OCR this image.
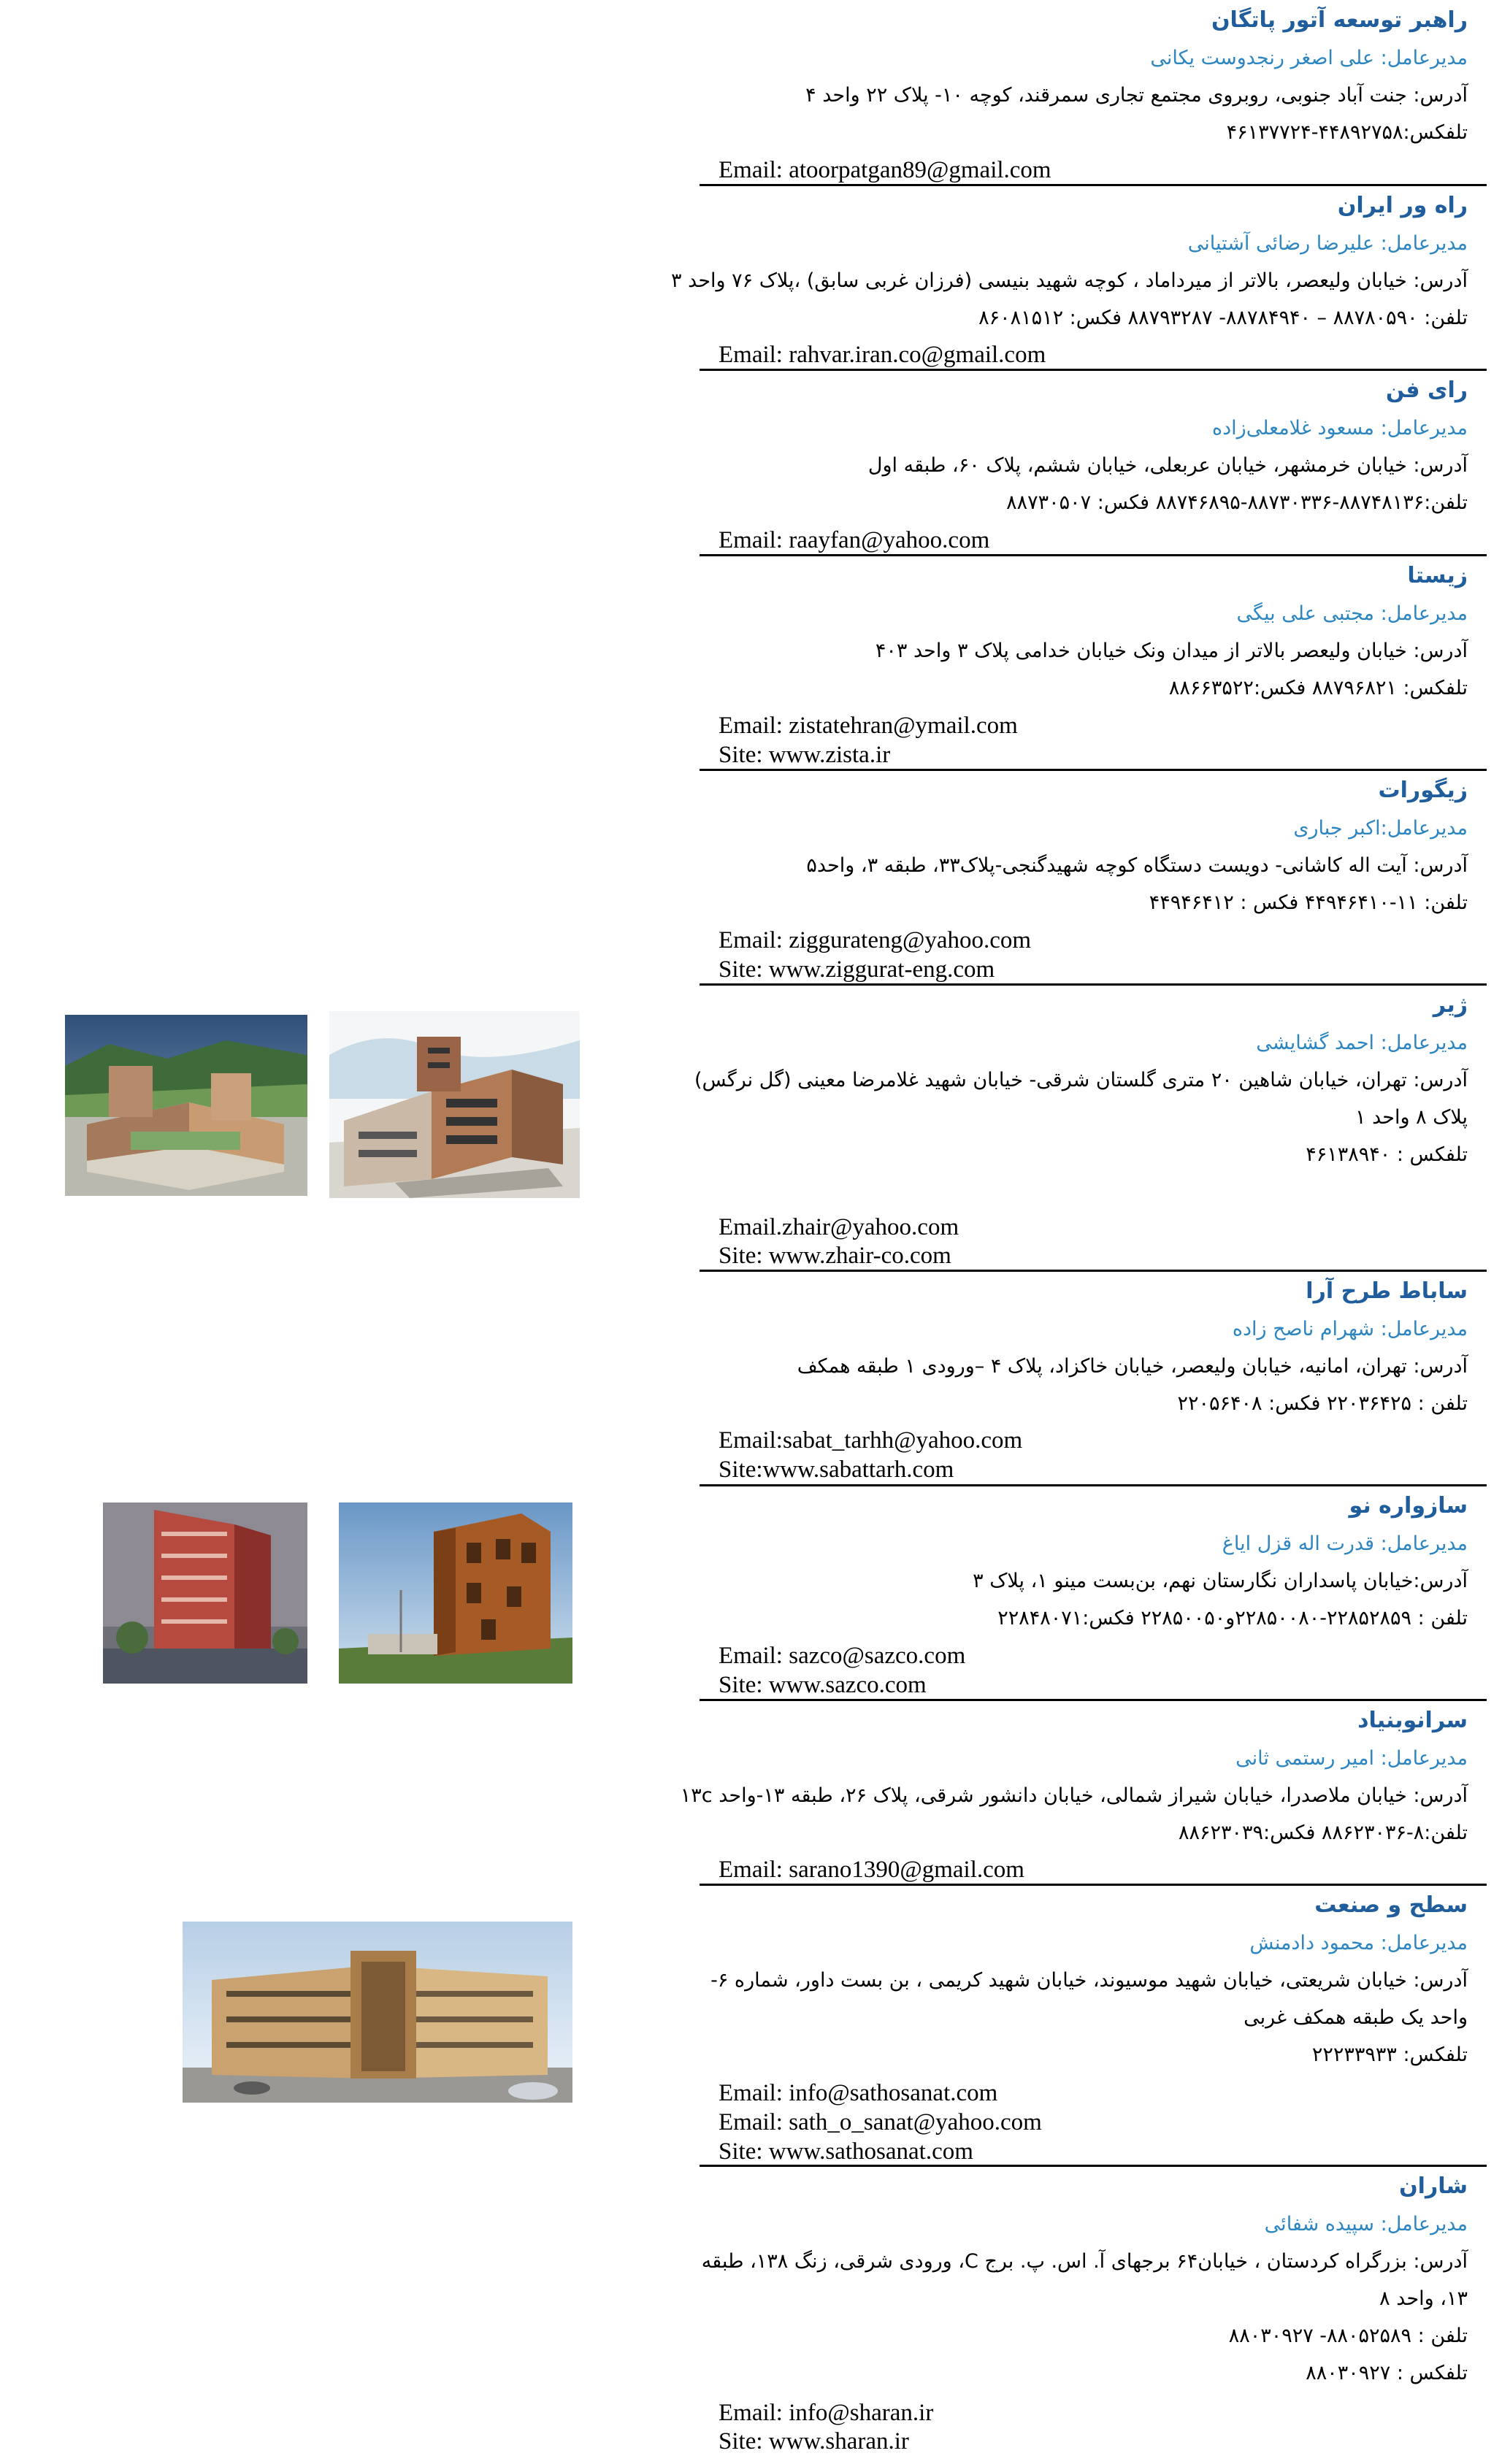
راهبر توسعه آتور پاتگان
مدیرعامل: علی اصغر رنجدوست یکانی
آدرس: جنت آباد جنوبی، روبروی مجتمع تجاری سمرقند، کوچه ۱۰- پلاک ۲۲ واحد ۴
تلفکس:۴۴۸۹۲۷۵۸-۴۶۱۳۷۷۲۴
Email: atoorpatgan89@gmail.com
راه ور ایران
مدیرعامل: علیرضا رضائی آشتیانی
آدرس: خیابان ولیعصر، بالاتر از میرداماد ، کوچه شهید بنیسی (فرزان غربی سابق) ،پلاک ۷۶ واحد ۳
تلفن: ۸۸۷۸۰۵۹۰ – ۸۸۷۸۴۹۴۰- ۸۸۷۹۳۲۸۷ فکس: ۸۶۰۸۱۵۱۲
Email: rahvar.iran.co@gmail.com
رای فن
مدیرعامل: مسعود غلامعلی‌زاده
آدرس: خیابان خرمشهر، خیابان عربعلی، خیابان ششم، پلاک ۶۰، طبقه اول
تلفن:۸۸۷۴۸۱۳۶-۸۸۷۳۰۳۳۶-۸۸۷۴۶۸۹۵ فکس: ۸۸۷۳۰۵۰۷
Email: raayfan@yahoo.com
زیستا
مدیرعامل: مجتبی علی بیگی
آدرس: خیابان ولیعصر بالاتر از میدان ونک خیابان خدامی پلاک ۳ واحد ۴۰۳
تلفکس: ۸۸۷۹۶۸۲۱ فکس:۸۸۶۶۳۵۲۲
Email: zistatehran@ymail.com
Site: www.zista.ir
زیگورات
مدیرعامل:اکبر جباری
آدرس: آیت اله کاشانی- دویست دستگاه کوچه شهیدگنجی-پلاک۳۳، طبقه ۳، واحد۵
تلفن: ۱۱-۴۴۹۴۶۴۱۰ فکس : ۴۴۹۴۶۴۱۲
Email: ziggurateng@yahoo.com
Site: www.ziggurat-eng.com
ژیر
مدیرعامل: احمد گشایشی
آدرس: تهران، خیابان شاهین ۲۰ متری گلستان شرقی- خیابان شهید غلامرضا معینی (گل نرگس)
پلاک ۸ واحد ۱
تلفکس : ۴۶۱۳۸۹۴۰
Email.zhair@yahoo.com
Site: www.zhair-co.com
ساباط طرح آرا
مدیرعامل: شهرام ناصح زاده
آدرس: تهران، امانیه، خیابان ولیعصر، خیابان خاکزاد، پلاک ۴ –ورودی ۱ طبقه همکف
تلفن : ۲۲۰۳۶۴۲۵ فکس: ۲۲۰۵۶۴۰۸
Email:sabat_tarhh@yahoo.com
Site:www.sabattarh.com
سازواره نو
مدیرعامل: قدرت اله قزل ایاغ
آدرس:خیابان پاسداران نگارستان نهم، بن‌بست مینو ۱، پلاک ۳
تلفن : ۲۲۸۵۲۸۵۹-۲۲۸۵۰۰۸۰و۲۲۸۵۰۰۵۰ فکس:۲۲۸۴۸۰۷۱
Email: sazco@sazco.com
Site: www.sazco.com
سرانوبنیاد
مدیرعامل: امیر رستمی ثانی
آدرس: خیابان ملاصدرا، خیابان شیراز شمالی، خیابان دانشور شرقی، پلاک ۲۶، طبقه ۱۳-واحد ۱۳c
تلفن:۸-۸۸۶۲۳۰۳۶ فکس:۸۸۶۲۳۰۳۹
Email: sarano1390@gmail.com
سطح و صنعت
مدیرعامل: محمود دادمنش
آدرس: خیابان شریعتی، خیابان شهید موسیوند، خیابان شهید کریمی ، بن بست داور، شماره ۶-
واحد یک طبقه همکف غربی
تلفکس: ۲۲۲۳۳۹۳۳
Email: info@sathosanat.com
Email: sath_o_sanat@yahoo.com
Site: www.sathosanat.com
شاران
مدیرعامل: سپیده شفائی
آدرس: بزرگراه کردستان ، خیابان۶۴ برجهای آ. اس. پ. برج C، ورودی شرقی، زنگ ۱۳۸، طبقه
۱۳، واحد ۸
تلفن : ۸۸۰۵۲۵۸۹- ۸۸۰۳۰۹۲۷
تلفکس : ۸۸۰۳۰۹۲۷
Email: info@sharan.ir
Site: www.sharan.ir
